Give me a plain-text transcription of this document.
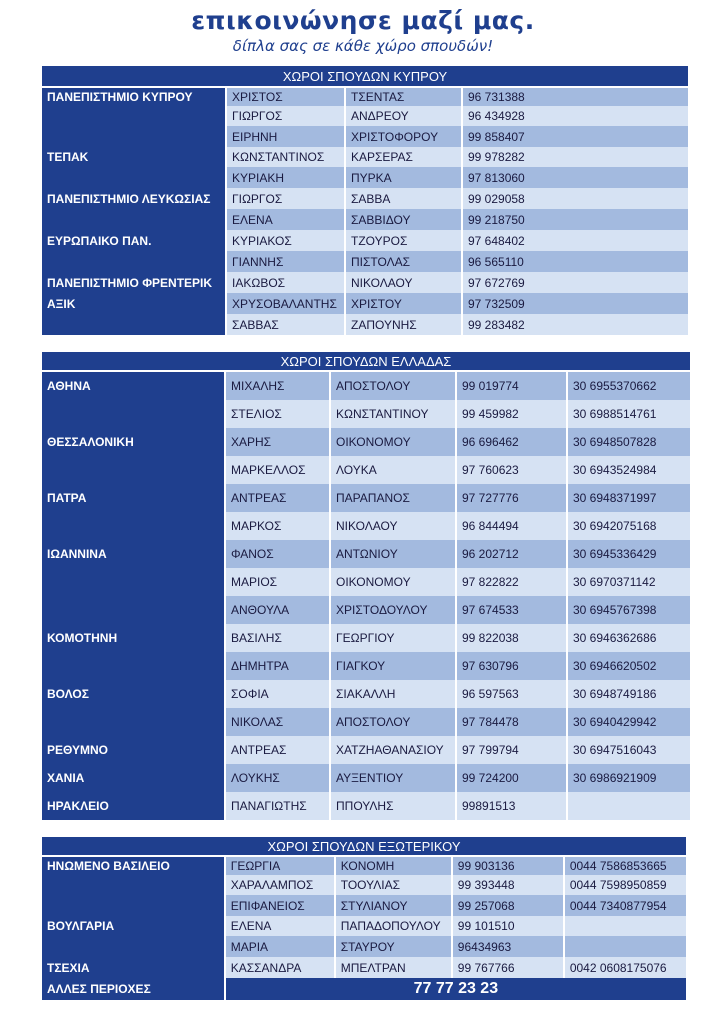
επικοινώνησε μαζί μας.
δίπλα σας σε κάθε χώρο σπουδών!
ΧΩΡΟΙ ΣΠΟΥΔΩΝ ΚΥΠΡΟΥ			

ΠΑΝΕΠΙΣΤΗΜΙΟ ΚΥΠΡΟΥ	ΧΡΙΣΤΟΣ	ΤΣΕΝΤΑΣ	96 731388
	ΓΙΩΡΓΟΣ	ΑΝΔΡΕΟΥ	96 434928
	ΕΙΡΗΝΗ	ΧΡΙΣΤΟΦΟΡΟΥ	99 858407
ΤΕΠΑΚ	ΚΩΝΣΤΑΝΤΙΝΟΣ	ΚΑΡΣΕΡΑΣ	99 978282
	ΚΥΡΙΑΚΗ	ΠΥΡΚΑ	97 813060
ΠΑΝΕΠΙΣΤΗΜΙΟ ΛΕΥΚΩΣΙΑΣ	ΓΙΩΡΓΟΣ	ΣΑΒΒΑ	99 029058
	ΕΛΕΝΑ	ΣΑΒΒΙΔΟΥ	99 218750
ΕΥΡΩΠΑΙΚΟ ΠΑΝ.	ΚΥΡΙΑΚΟΣ	ΤΖΟΥΡΟΣ	97 648402
	ΓΙΑΝΝΗΣ	ΠΙΣΤΟΛΑΣ	96 565110
ΠΑΝΕΠΙΣΤΗΜΙΟ ΦΡΕΝΤΕΡΙΚ	ΙΑΚΩΒΟΣ	ΝΙΚΟΛΑΟΥ	97 672769
ΑΞΙΚ	ΧΡΥΣΟΒΑΛΑΝΤΗΣ	ΧΡΙΣΤΟΥ	97 732509
	ΣΑΒΒΑΣ	ΖΑΠΟΥΝΗΣ	99 283482
ΧΩΡΟΙ ΣΠΟΥΔΩΝ ΕΛΛΑΔΑΣ				

ΑΘΗΝΑ	ΜΙΧΑΛΗΣ	ΑΠΟΣΤΟΛΟΥ	99 019774	30 6955370662
	ΣΤΕΛΙΟΣ	ΚΩΝΣΤΑΝΤΙΝΟΥ	99 459982	30 6988514761
ΘΕΣΣΑΛΟΝΙΚΗ	ΧΑΡΗΣ	ΟΙΚΟΝΟΜΟΥ	96 696462	30 6948507828
	ΜΑΡΚΕΛΛΟΣ	ΛΟΥΚΑ	97 760623	30 6943524984
ΠΑΤΡΑ	ΑΝΤΡΕΑΣ	ΠΑΡΑΠΑΝΟΣ	97 727776	30 6948371997
	ΜΑΡΚΟΣ	ΝΙΚΟΛΑΟΥ	96 844494	30 6942075168
ΙΩΑΝΝΙΝΑ	ΦΑΝΟΣ	ΑΝΤΩΝΙΟΥ	96 202712	30 6945336429
	ΜΑΡΙΟΣ	ΟΙΚΟΝΟΜΟΥ	97 822822	30 6970371142
	ΑΝΘΟΥΛΑ	ΧΡΙΣΤΟΔΟΥΛΟΥ	97 674533	30 6945767398
ΚΟΜΟΤΗΝΗ	ΒΑΣΙΛΗΣ	ΓΕΩΡΓΙΟΥ	99 822038	30 6946362686
	ΔΗΜΗΤΡΑ	ΓΙΑΓΚΟΥ	97 630796	30 6946620502
ΒΟΛΟΣ	ΣΟΦΙΑ	ΣΙΑΚΑΛΛΗ	96 597563	30 6948749186
	ΝΙΚΟΛΑΣ	ΑΠΟΣΤΟΛΟΥ	97 784478	30 6940429942
ΡΕΘΥΜΝΟ	ΑΝΤΡΕΑΣ	ΧΑΤΖΗΑΘΑΝΑΣΙΟΥ	97 799794	30 6947516043
ΧΑΝΙΑ	ΛΟΥΚΗΣ	ΑΥΞΕΝΤΙΟΥ	99 724200	30 6986921909
ΗΡΑΚΛΕΙΟ	ΠΑΝΑΓΙΩΤΗΣ	ΠΠΟΥΛΗΣ	99891513	
ΧΩΡΟΙ ΣΠΟΥΔΩΝ ΕΞΩΤΕΡΙΚΟΥ				

ΗΝΩΜΕΝΟ ΒΑΣΙΛΕΙΟ	ΓΕΩΡΓΙΑ	ΚΟΝΟΜΗ	99 903136	0044 7586853665
	ΧΑΡΑΛΑΜΠΟΣ	ΤΟΟΥΛΙΑΣ	99 393448	0044 7598950859
	ΕΠΙΦΑΝΕΙΟΣ	ΣΤΥΛΙΑΝΟΥ	99 257068	0044 7340877954
ΒΟΥΛΓΑΡΙΑ	ΕΛΕΝΑ	ΠΑΠΑΔΟΠΟΥΛΟΥ	99 101510	
	ΜΑΡΙΑ	ΣΤΑΥΡΟΥ	96434963	
ΤΣΕΧΙΑ	ΚΑΣΣΑΝΔΡΑ	ΜΠΕΛΤΡΑΝ	99 767766	0042 0608175076
ΑΛΛΕΣ ΠΕΡΙΟΧΕΣ	77 77 23 23			
